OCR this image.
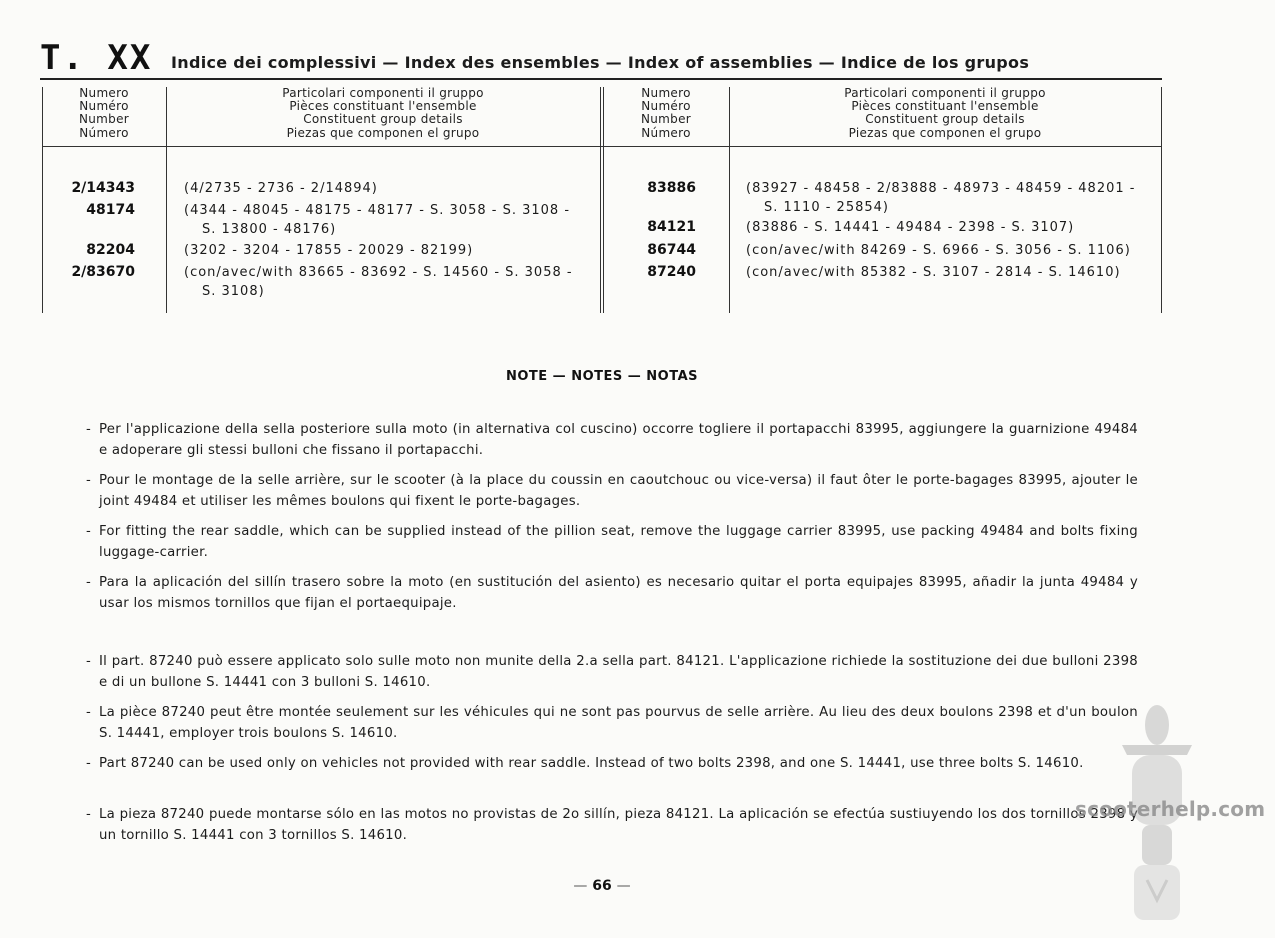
T. XX Indice dei complessivi — Index des ensembles — Index of assemblies — Indice de los grupos
Numero
Numéro
Number
Número
Particolari componenti il gruppo
Pièces constituant l'ensemble
Constituent group details
Piezas que componen el grupo
Numero
Numéro
Number
Número
Particolari componenti il gruppo
Pièces constituant l'ensemble
Constituent group details
Piezas que componen el grupo
2/14343	(4/2735 - 2736 - 2/14894)
48174	(4344 - 48045 - 48175 - 48177 - S. 3058 - S. 3108 -
S. 13800 - 48176)
82204	(3202 - 3204 - 17855 - 20029 - 82199)
2/83670	(con/avec/with 83665 - 83692 - S. 14560 - S. 3058 -
S. 3108)
83886	(83927 - 48458 - 2/83888 - 48973 - 48459 - 48201 -
S. 1110 - 25854)
84121	(83886 - S. 14441 - 49484 - 2398 - S. 3107)
86744	(con/avec/with 84269 - S. 6966 - S. 3056 - S. 1106)
87240	(con/avec/with 85382 - S. 3107 - 2814 - S. 14610)
NOTE — NOTES — NOTAS
- Per l'applicazione della sella posteriore sulla moto (in alternativa col cuscino) occorre togliere il portapacchi 83995, aggiungere la guarnizione 49484 e adoperare gli stessi bulloni che fissano il portapacchi.
- Pour le montage de la selle arrière, sur le scooter (à la place du coussin en caoutchouc ou vice-versa) il faut ôter le porte-bagages 83995, ajouter le joint 49484 et utiliser les mêmes boulons qui fixent le porte-bagages.
- For fitting the rear saddle, which can be supplied instead of the pillion seat, remove the luggage carrier 83995, use packing 49484 and bolts fixing luggage-carrier.
- Para la aplicación del sillín trasero sobre la moto (en sustitución del asiento) es necesario quitar el porta equipajes 83995, añadir la junta 49484 y usar los mismos tornillos que fijan el portaequipaje.
- Il part. 87240 può essere applicato solo sulle moto non munite della 2.a sella part. 84121. L'applicazione richiede la sostituzione dei due bulloni 2398 e di un bullone S. 14441 con 3 bulloni S. 14610.
- La pièce 87240 peut être montée seulement sur les véhicules qui ne sont pas pourvus de selle arrière. Au lieu des deux boulons 2398 et d'un boulon S. 14441, employer trois boulons S. 14610.
- Part 87240 can be used only on vehicles not provided with rear saddle. Instead of two bolts 2398, and one S. 14441, use three bolts S. 14610.
- La pieza 87240 puede montarse sólo en las motos no provistas de 2o sillín, pieza 84121. La aplicación se efectúa sustiuyendo los dos tornillos 2398 y un tornillo S. 14441 con 3 tornillos S. 14610.
scooterhelp.com
— 66 —
